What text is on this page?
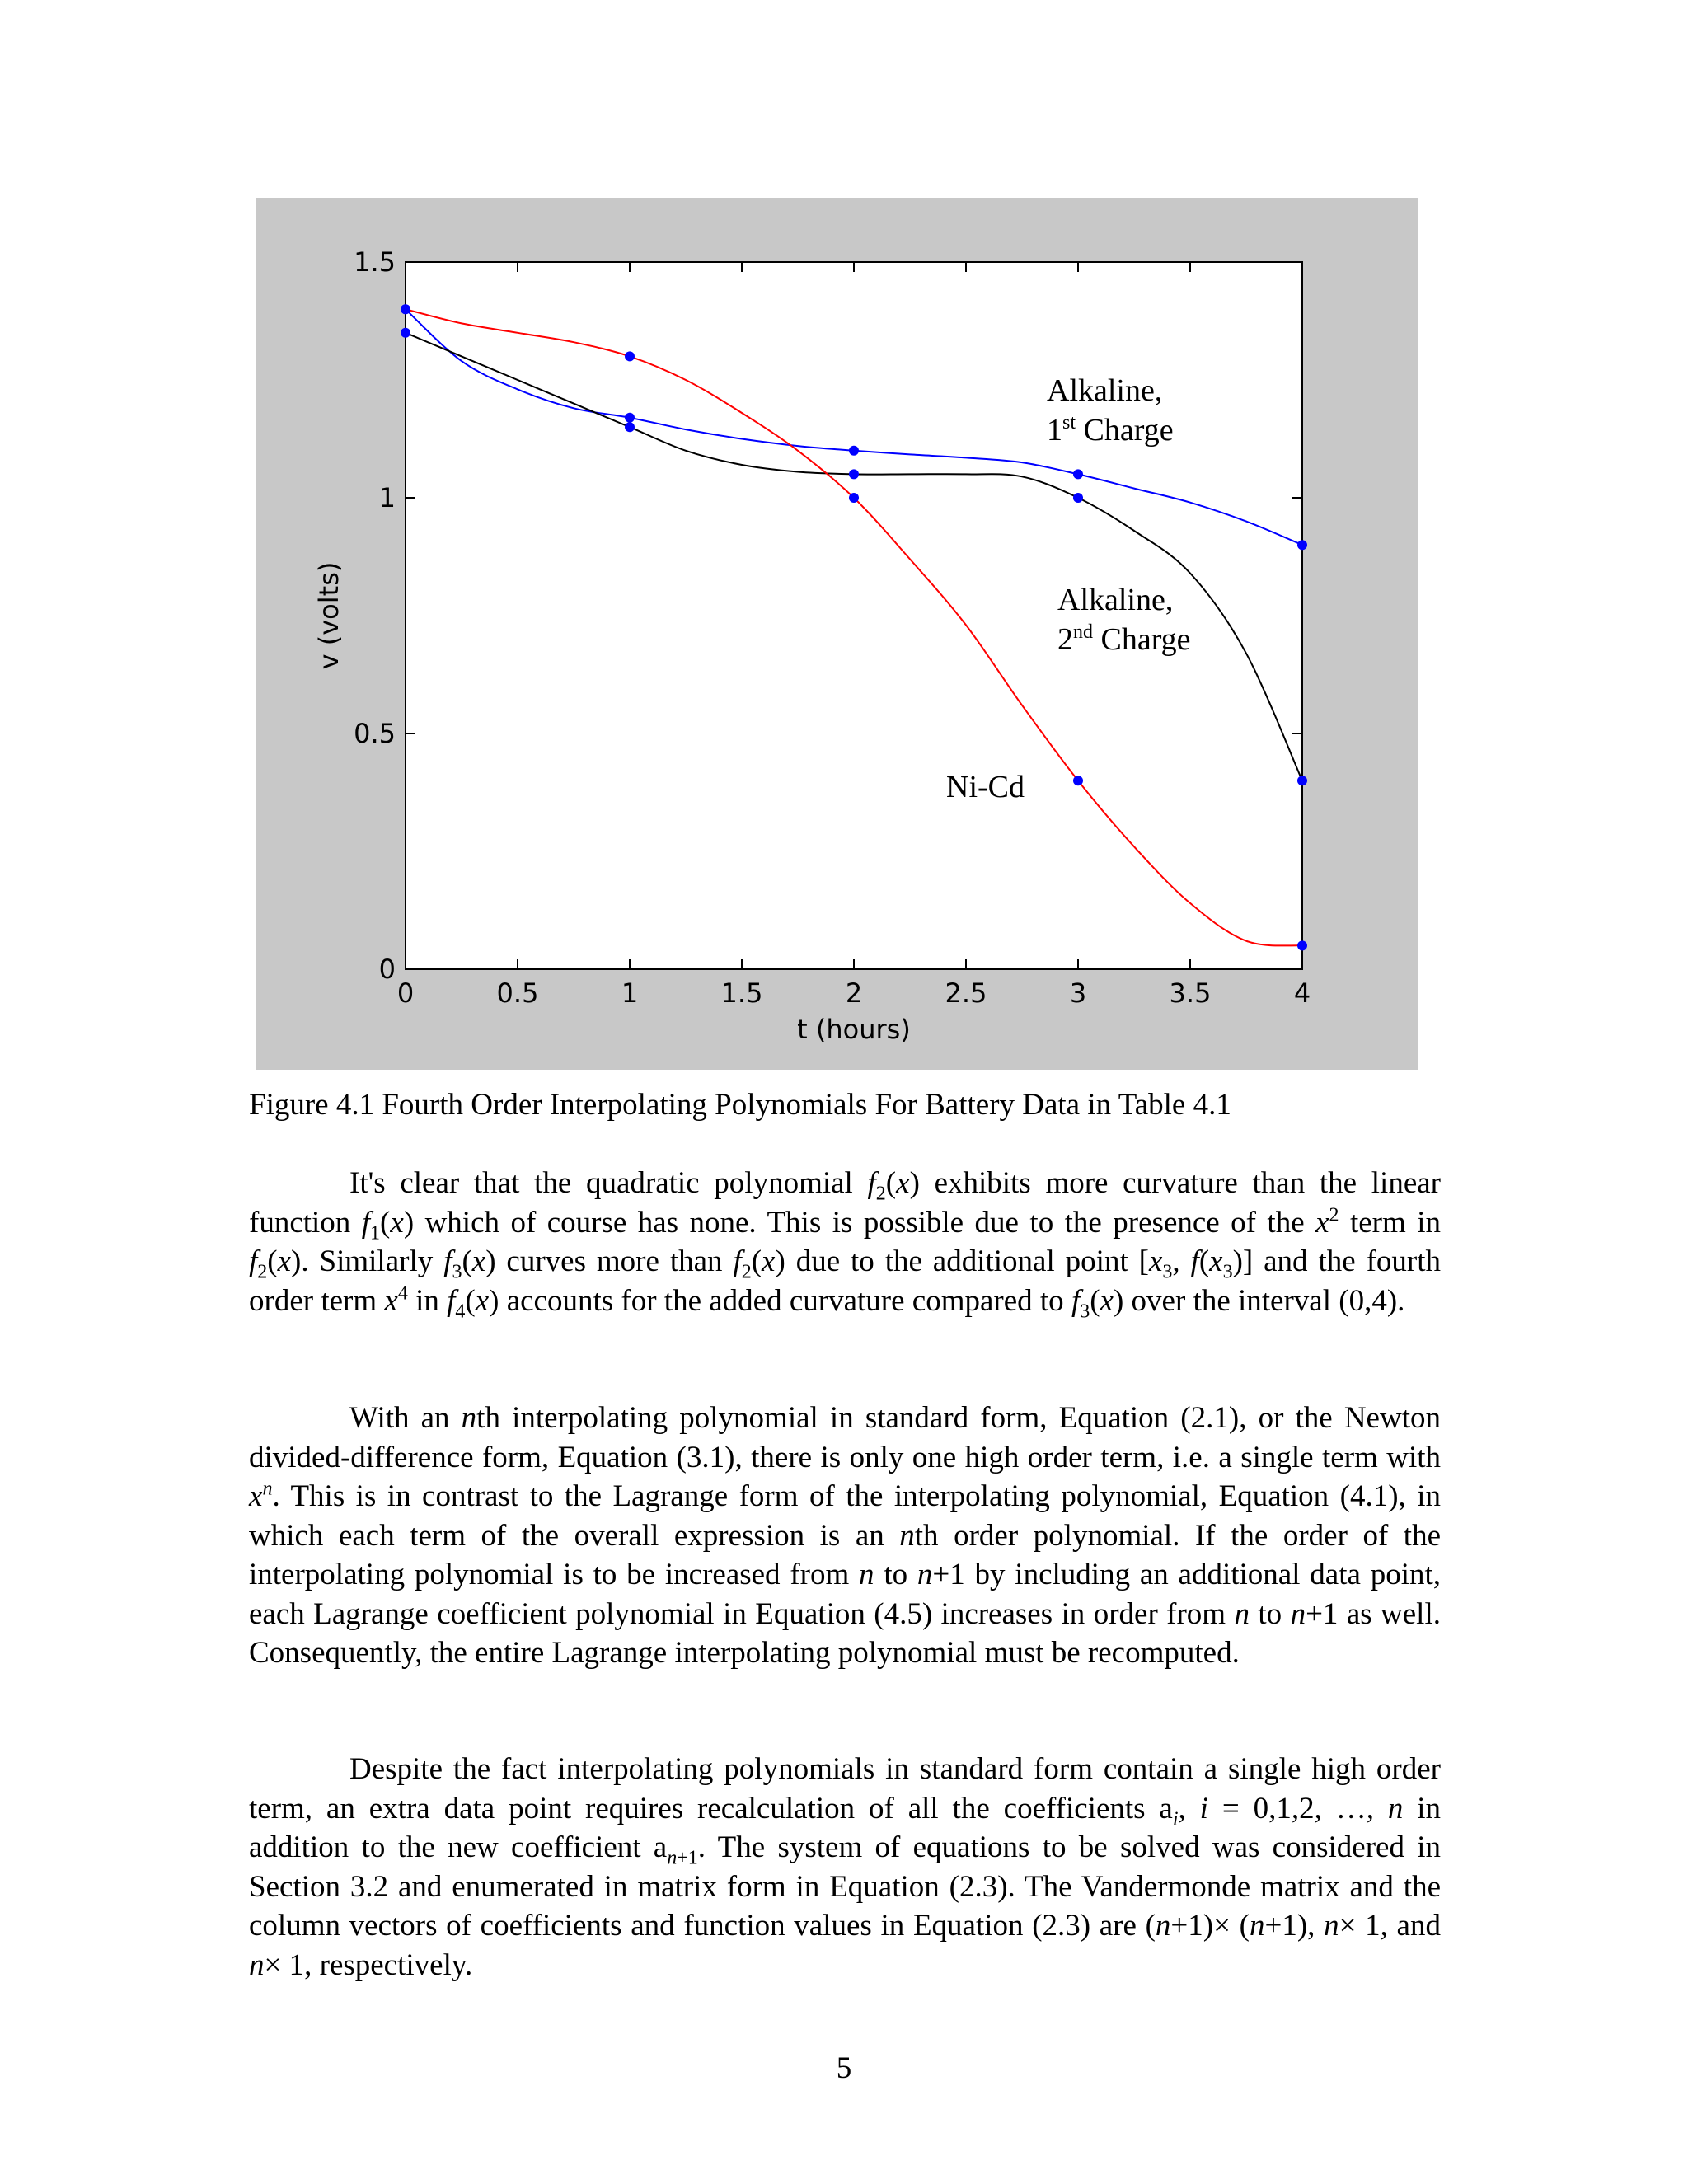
0	0.5	1	1.5	2	2.5	3	3.5	4
0
0.5
1
1.5
t (hours)
v (volts)
Alkaline, 1st Charge
Alkaline, 2nd Charge
Ni-Cd
Figure 4.1 Fourth Order Interpolating Polynomials For Battery Data in Table 4.1

It's clear that the quadratic polynomial $f_2(x)$ exhibits more curvature than the linear function $f_1(x)$ which of course has none. This is possible due to the presence of the $x^2$ term in $f_2(x)$. Similarly $f_3(x)$ curves more than $f_2(x)$ due to the additional point [$x_3$, $f(x_3)$] and the fourth order term $x^4$ in $f_4(x)$ accounts for the added curvature compared to $f_3(x)$ over the interval (0,4).

With an nth interpolating polynomial in standard form, Equation (2.1), or the Newton divided-difference form, Equation (3.1), there is only one high order term, i.e. a single term with $x^n$. This is in contrast to the Lagrange form of the interpolating polynomial, Equation (4.1), in which each term of the overall expression is an nth order polynomial. If the order of the interpolating polynomial is to be increased from n to n+1 by including an additional data point, each Lagrange coefficient polynomial in Equation (4.5) increases in order from n to n+1 as well. Consequently, the entire Lagrange interpolating polynomial must be recomputed.

Despite the fact interpolating polynomials in standard form contain a single high order term, an extra data point requires recalculation of all the coefficients $a_i$, i = 0,1,2, …, n in addition to the new coefficient $a_{n+1}$. The system of equations to be solved was considered in Section 3.2 and enumerated in matrix form in Equation (2.3). The Vandermonde matrix and the column vectors of coefficients and function values in Equation (2.3) are (n+1)× (n+1), n× 1, and n× 1, respectively.

5
